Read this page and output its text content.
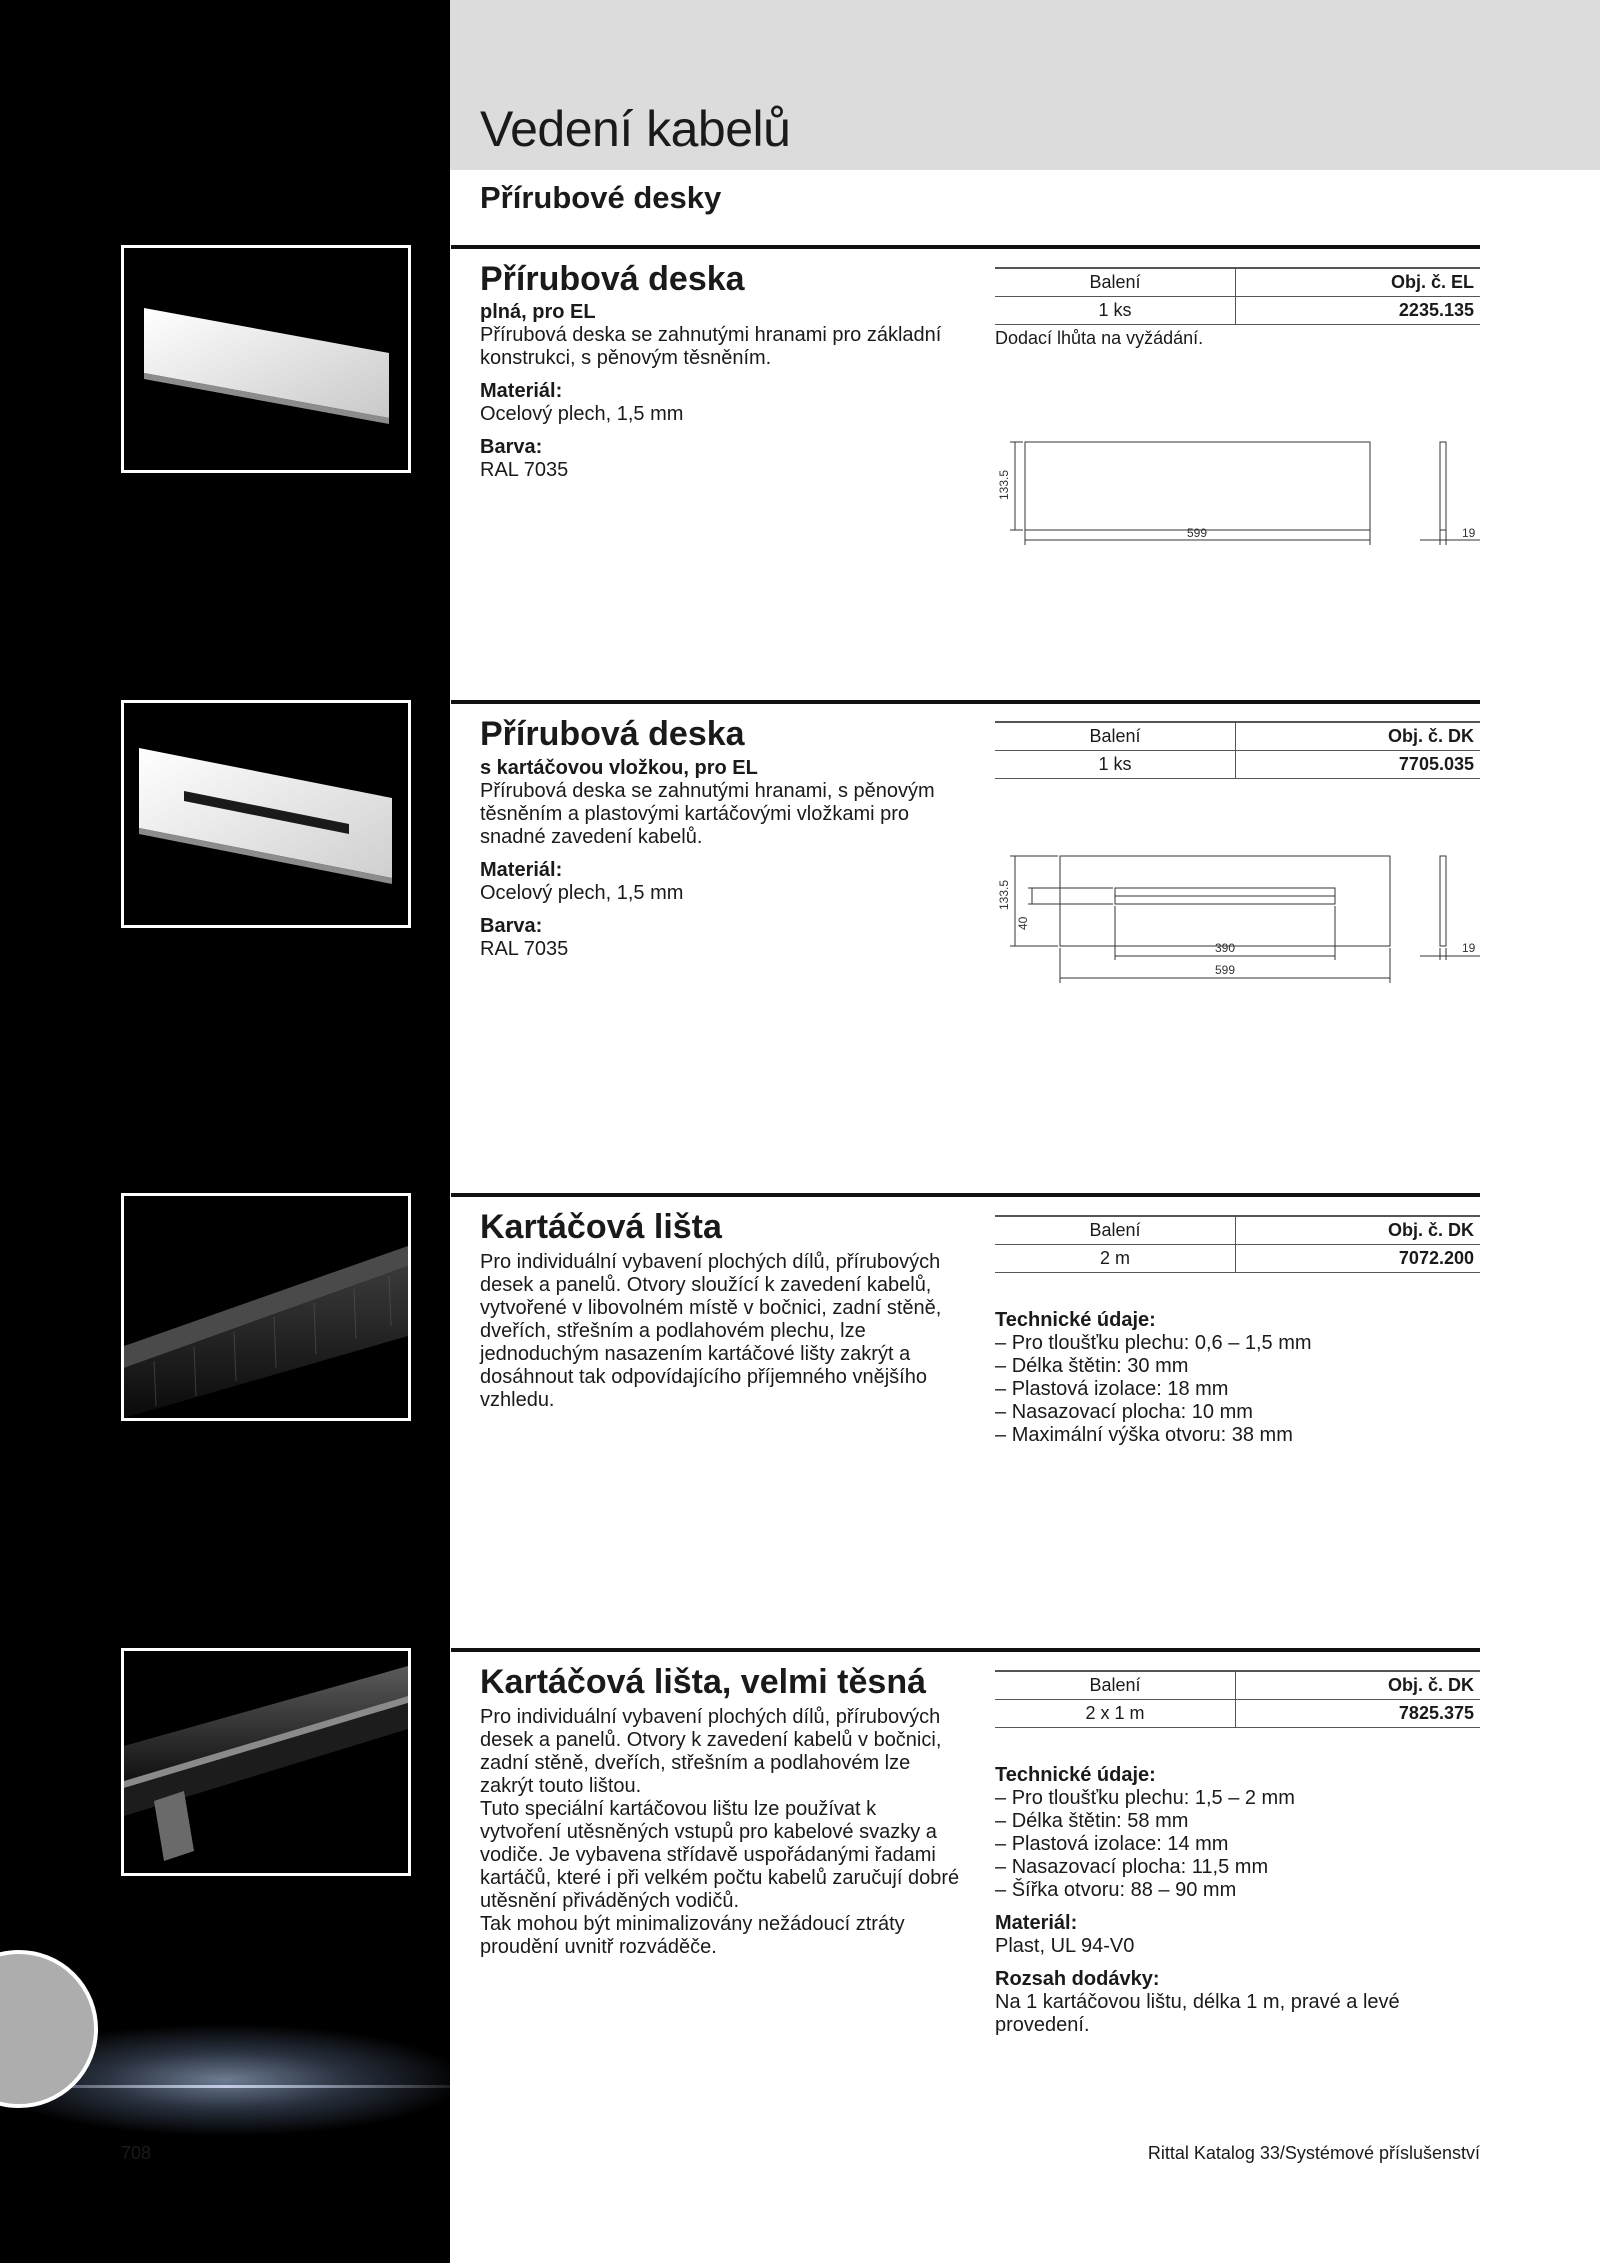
Vedení kabelů
Přírubové desky
Přírubová deska

plná, pro EL

Přírubová deska se zahnutými hranami pro základní konstrukci, s pěnovým těsněním.

Materiál:

Ocelový plech, 1,5 mm

Barva:

RAL 7035

Balení	Obj. č. EL
1 ks	2235.135
Dodací lhůta na vyžádání.
133.5
599	19
Přírubová deska

s kartáčovou vložkou, pro EL

Přírubová deska se zahnutými hranami, s pěnovým těsněním a plastovými kartáčovými vložkami pro snadné zavedení kabelů.

Materiál:

Ocelový plech, 1,5 mm

Barva:

RAL 7035

Balení	Obj. č. DK
1 ks	7705.035
133.5
40
390
599
19
Kartáčová lišta

Pro individuální vybavení plochých dílů, přírubových desek a panelů. Otvory sloužící k zavedení kabelů, vytvořené v libovolném místě v bočnici, zadní stěně, dveřích, střešním a podlahovém plechu, lze jednoduchým nasazením kartáčové lišty zakrýt a dosáhnout tak odpovídajícího příjemného vnějšího vzhledu.

Balení	Obj. č. DK
2 m	7072.200

Technické údaje:

– Pro tloušťku plechu: 0,6 – 1,5 mm
– Délka štětin: 30 mm
– Plastová izolace: 18 mm
– Nasazovací plocha: 10 mm
– Maximální výška otvoru: 38 mm
Kartáčová lišta, velmi těsná

Pro individuální vybavení plochých dílů, přírubových desek a panelů. Otvory k zavedení kabelů v bočnici, zadní stěně, dveřích, střešním a podlahovém lze zakrýt touto lištou.

Tuto speciální kartáčovou lištu lze používat k vytvoření utěsněných vstupů pro kabelové svazky a vodiče. Je vybavena střídavě uspořádanými řadami kartáčů, které i při velkém počtu kabelů zaručují dobré utěsnění přiváděných vodičů.

Tak mohou být minimalizovány nežádoucí ztráty proudění uvnitř rozváděče.

Balení	Obj. č. DK
2 x 1 m	7825.375

Technické údaje:

– Pro tloušťku plechu: 1,5 – 2 mm
– Délka štětin: 58 mm
– Plastová izolace: 14 mm
– Nasazovací plocha: 11,5 mm
– Šířka otvoru: 88 – 90 mm

Materiál:

Plast, UL 94-V0

Rozsah dodávky:

Na 1 kartáčovou lištu, délka 1 m, pravé a levé provedení.

708	Rittal Katalog 33/Systémové příslušenství
